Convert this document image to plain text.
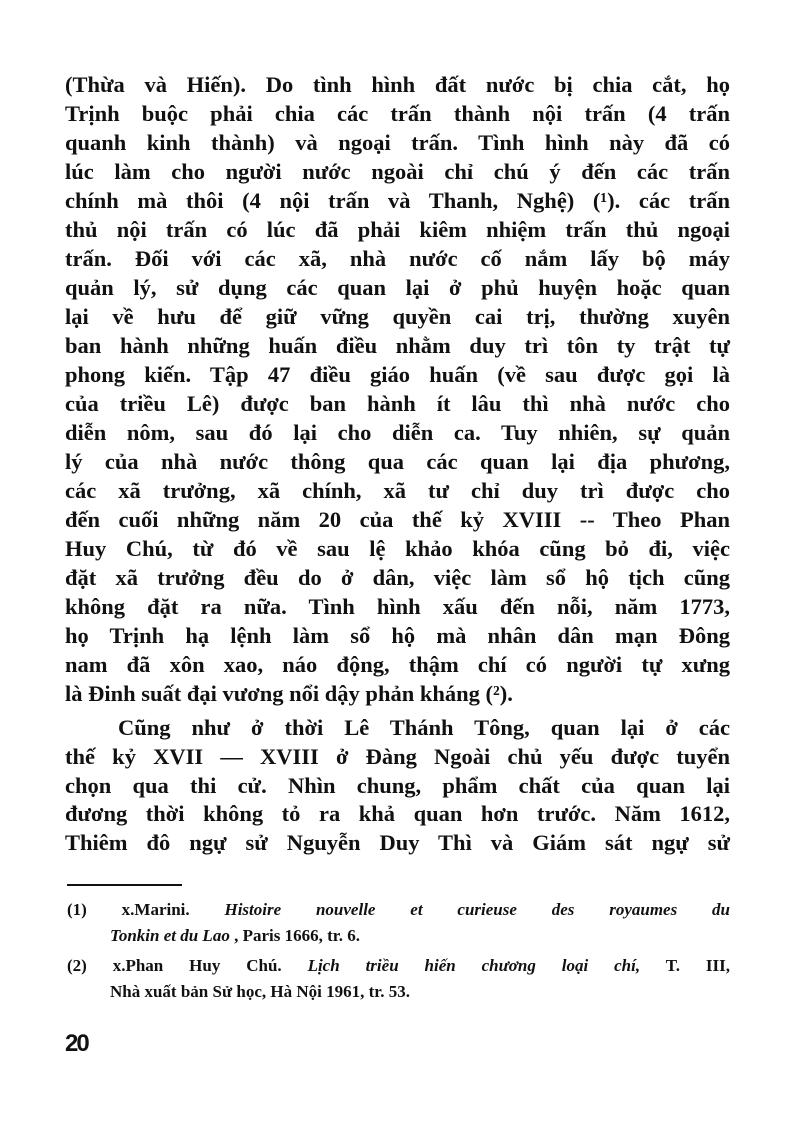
(Thừa và Hiến). Do tình hình đất nước bị chia cắt, họ
Trịnh buộc phải chia các trấn thành nội trấn (4 trấn
quanh kinh thành) và ngoại trấn. Tình hình này đã có
lúc làm cho người nước ngoài chỉ chú ý đến các trấn
chính mà thôi (4 nội trấn và Thanh, Nghệ) (¹). các trấn
thủ nội trấn có lúc đã phải kiêm nhiệm trấn thủ ngoại
trấn. Đối với các xã, nhà nước cố nắm lấy bộ máy
quản lý, sử dụng các quan lại ở phủ huyện hoặc quan
lại về hưu để giữ vững quyền cai trị, thường xuyên
ban hành những huấn điều nhằm duy trì tôn ty trật tự
phong kiến. Tập 47 điều giáo huấn (về sau được gọi là
của triều Lê) được ban hành ít lâu thì nhà nước cho
diễn nôm, sau đó lại cho diễn ca. Tuy nhiên, sự quản
lý của nhà nước thông qua các quan lại địa phương,
các xã trưởng, xã chính, xã tư chỉ duy trì được cho
đến cuối những năm 20 của thế kỷ XVIII -- Theo Phan
Huy Chú, từ đó về sau lệ khảo khóa cũng bỏ đi, việc
đặt xã trưởng đều do ở dân, việc làm sổ hộ tịch cũng
không đặt ra nữa. Tình hình xấu đến nỗi, năm 1773,
họ Trịnh hạ lệnh làm sổ hộ mà nhân dân mạn Đông
nam đã xôn xao, náo động, thậm chí có người tự xưng
là Đinh suất đại vương nổi dậy phản kháng (²).
Cũng như ở thời Lê Thánh Tông, quan lại ở các
thế kỷ XVII — XVIII ở Đàng Ngoài chủ yếu được tuyển
chọn qua thi cử. Nhìn chung, phẩm chất của quan lại
đương thời không tỏ ra khả quan hơn trước. Năm 1612,
Thiêm đô ngự sử Nguyễn Duy Thì và Giám sát ngự sử
(1) x.Marini. Histoire nouvelle et curieuse des royaumes du
Tonkin et du Lao , Paris 1666, tr. 6.
(2) x.Phan Huy Chú. Lịch triều hiến chương loại chí, T. III,
Nhà xuất bản Sử học, Hà Nội 1961, tr. 53.
20
